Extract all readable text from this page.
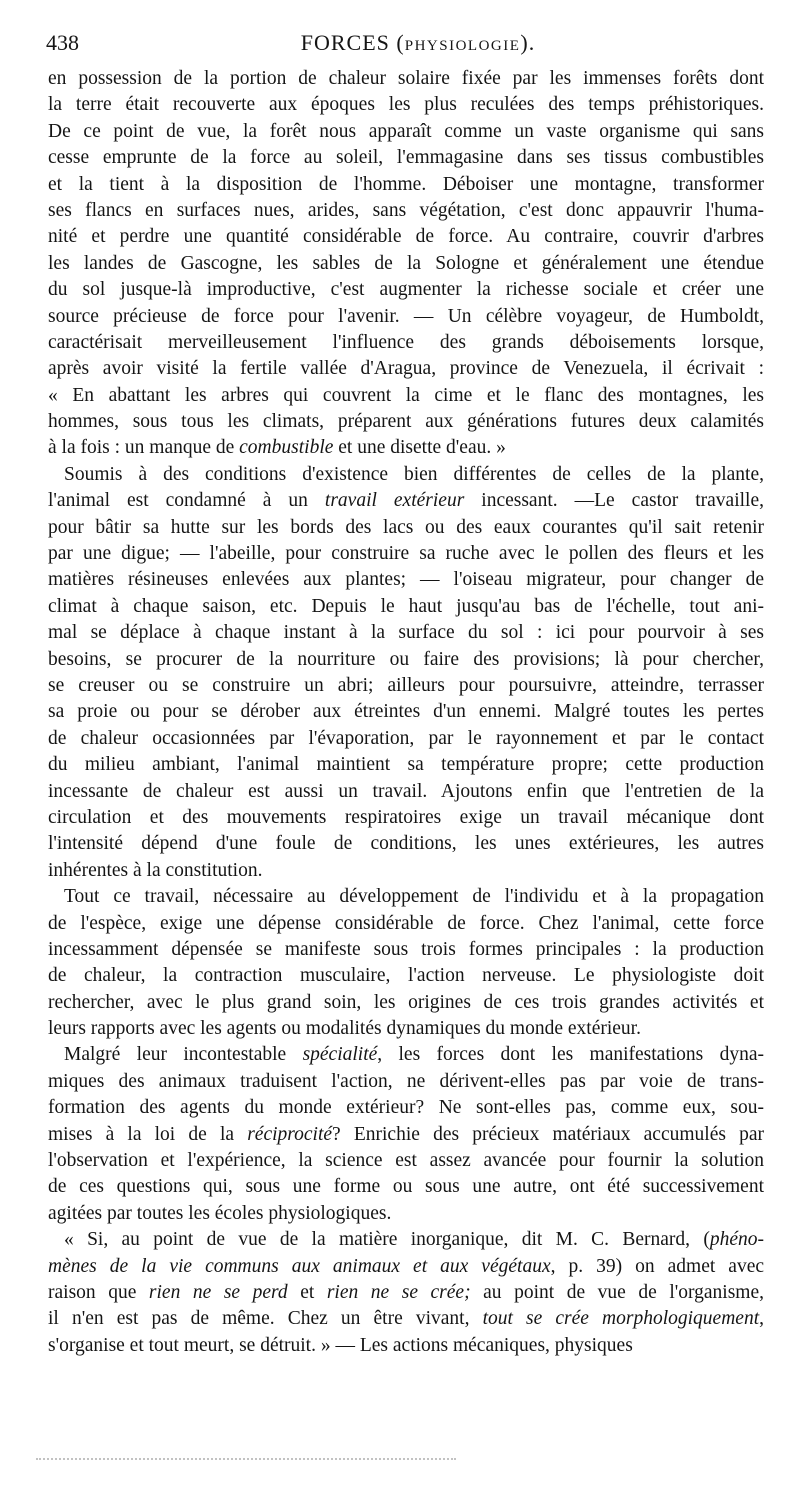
438	FORCES (PHYSIOLOGIE).
en possession de la portion de chaleur solaire fixée par les immenses forêts dont
la terre était recouverte aux époques les plus reculées des temps préhistoriques.
De ce point de vue, la forêt nous apparaît comme un vaste organisme qui sans
cesse emprunte de la force au soleil, l'emmagasine dans ses tissus combustibles
et la tient à la disposition de l'homme. Déboiser une montagne, transformer
ses flancs en surfaces nues, arides, sans végétation, c'est donc appauvrir l'huma-
nité et perdre une quantité considérable de force. Au contraire, couvrir d'arbres
les landes de Gascogne, les sables de la Sologne et généralement une étendue
du sol jusque-là improductive, c'est augmenter la richesse sociale et créer une
source précieuse de force pour l'avenir. — Un célèbre voyageur, de Humboldt,
caractérisait merveilleusement l'influence des grands déboisements lorsque,
après avoir visité la fertile vallée d'Aragua, province de Venezuela, il écrivait :
« En abattant les arbres qui couvrent la cime et le flanc des montagnes, les
hommes, sous tous les climats, préparent aux générations futures deux calamités
à la fois : un manque de combustible et une disette d'eau. »
Soumis à des conditions d'existence bien différentes de celles de la plante,
l'animal est condamné à un travail extérieur incessant. —Le castor travaille,
pour bâtir sa hutte sur les bords des lacs ou des eaux courantes qu'il sait retenir
par une digue; — l'abeille, pour construire sa ruche avec le pollen des fleurs et les
matières résineuses enlevées aux plantes; — l'oiseau migrateur, pour changer de
climat à chaque saison, etc. Depuis le haut jusqu'au bas de l'échelle, tout ani-
mal se déplace à chaque instant à la surface du sol : ici pour pourvoir à ses
besoins, se procurer de la nourriture ou faire des provisions; là pour chercher,
se creuser ou se construire un abri; ailleurs pour poursuivre, atteindre, terrasser
sa proie ou pour se dérober aux étreintes d'un ennemi. Malgré toutes les pertes
de chaleur occasionnées par l'évaporation, par le rayonnement et par le contact
du milieu ambiant, l'animal maintient sa température propre; cette production
incessante de chaleur est aussi un travail. Ajoutons enfin que l'entretien de la
circulation et des mouvements respiratoires exige un travail mécanique dont
l'intensité dépend d'une foule de conditions, les unes extérieures, les autres
inhérentes à la constitution.
Tout ce travail, nécessaire au développement de l'individu et à la propagation
de l'espèce, exige une dépense considérable de force. Chez l'animal, cette force
incessamment dépensée se manifeste sous trois formes principales : la production
de chaleur, la contraction musculaire, l'action nerveuse. Le physiologiste doit
rechercher, avec le plus grand soin, les origines de ces trois grandes activités et
leurs rapports avec les agents ou modalités dynamiques du monde extérieur.
Malgré leur incontestable spécialité, les forces dont les manifestations dyna-
miques des animaux traduisent l'action, ne dérivent-elles pas par voie de trans-
formation des agents du monde extérieur? Ne sont-elles pas, comme eux, sou-
mises à la loi de la réciprocité? Enrichie des précieux matériaux accumulés par
l'observation et l'expérience, la science est assez avancée pour fournir la solution
de ces questions qui, sous une forme ou sous une autre, ont été successivement
agitées par toutes les écoles physiologiques.
« Si, au point de vue de la matière inorganique, dit M. C. Bernard, (phéno-
mènes de la vie communs aux animaux et aux végétaux, p. 39) on admet avec
raison que rien ne se perd et rien ne se crée; au point de vue de l'organisme,
il n'en est pas de même. Chez un être vivant, tout se crée morphologiquement,
s'organise et tout meurt, se détruit. » — Les actions mécaniques, physiques
